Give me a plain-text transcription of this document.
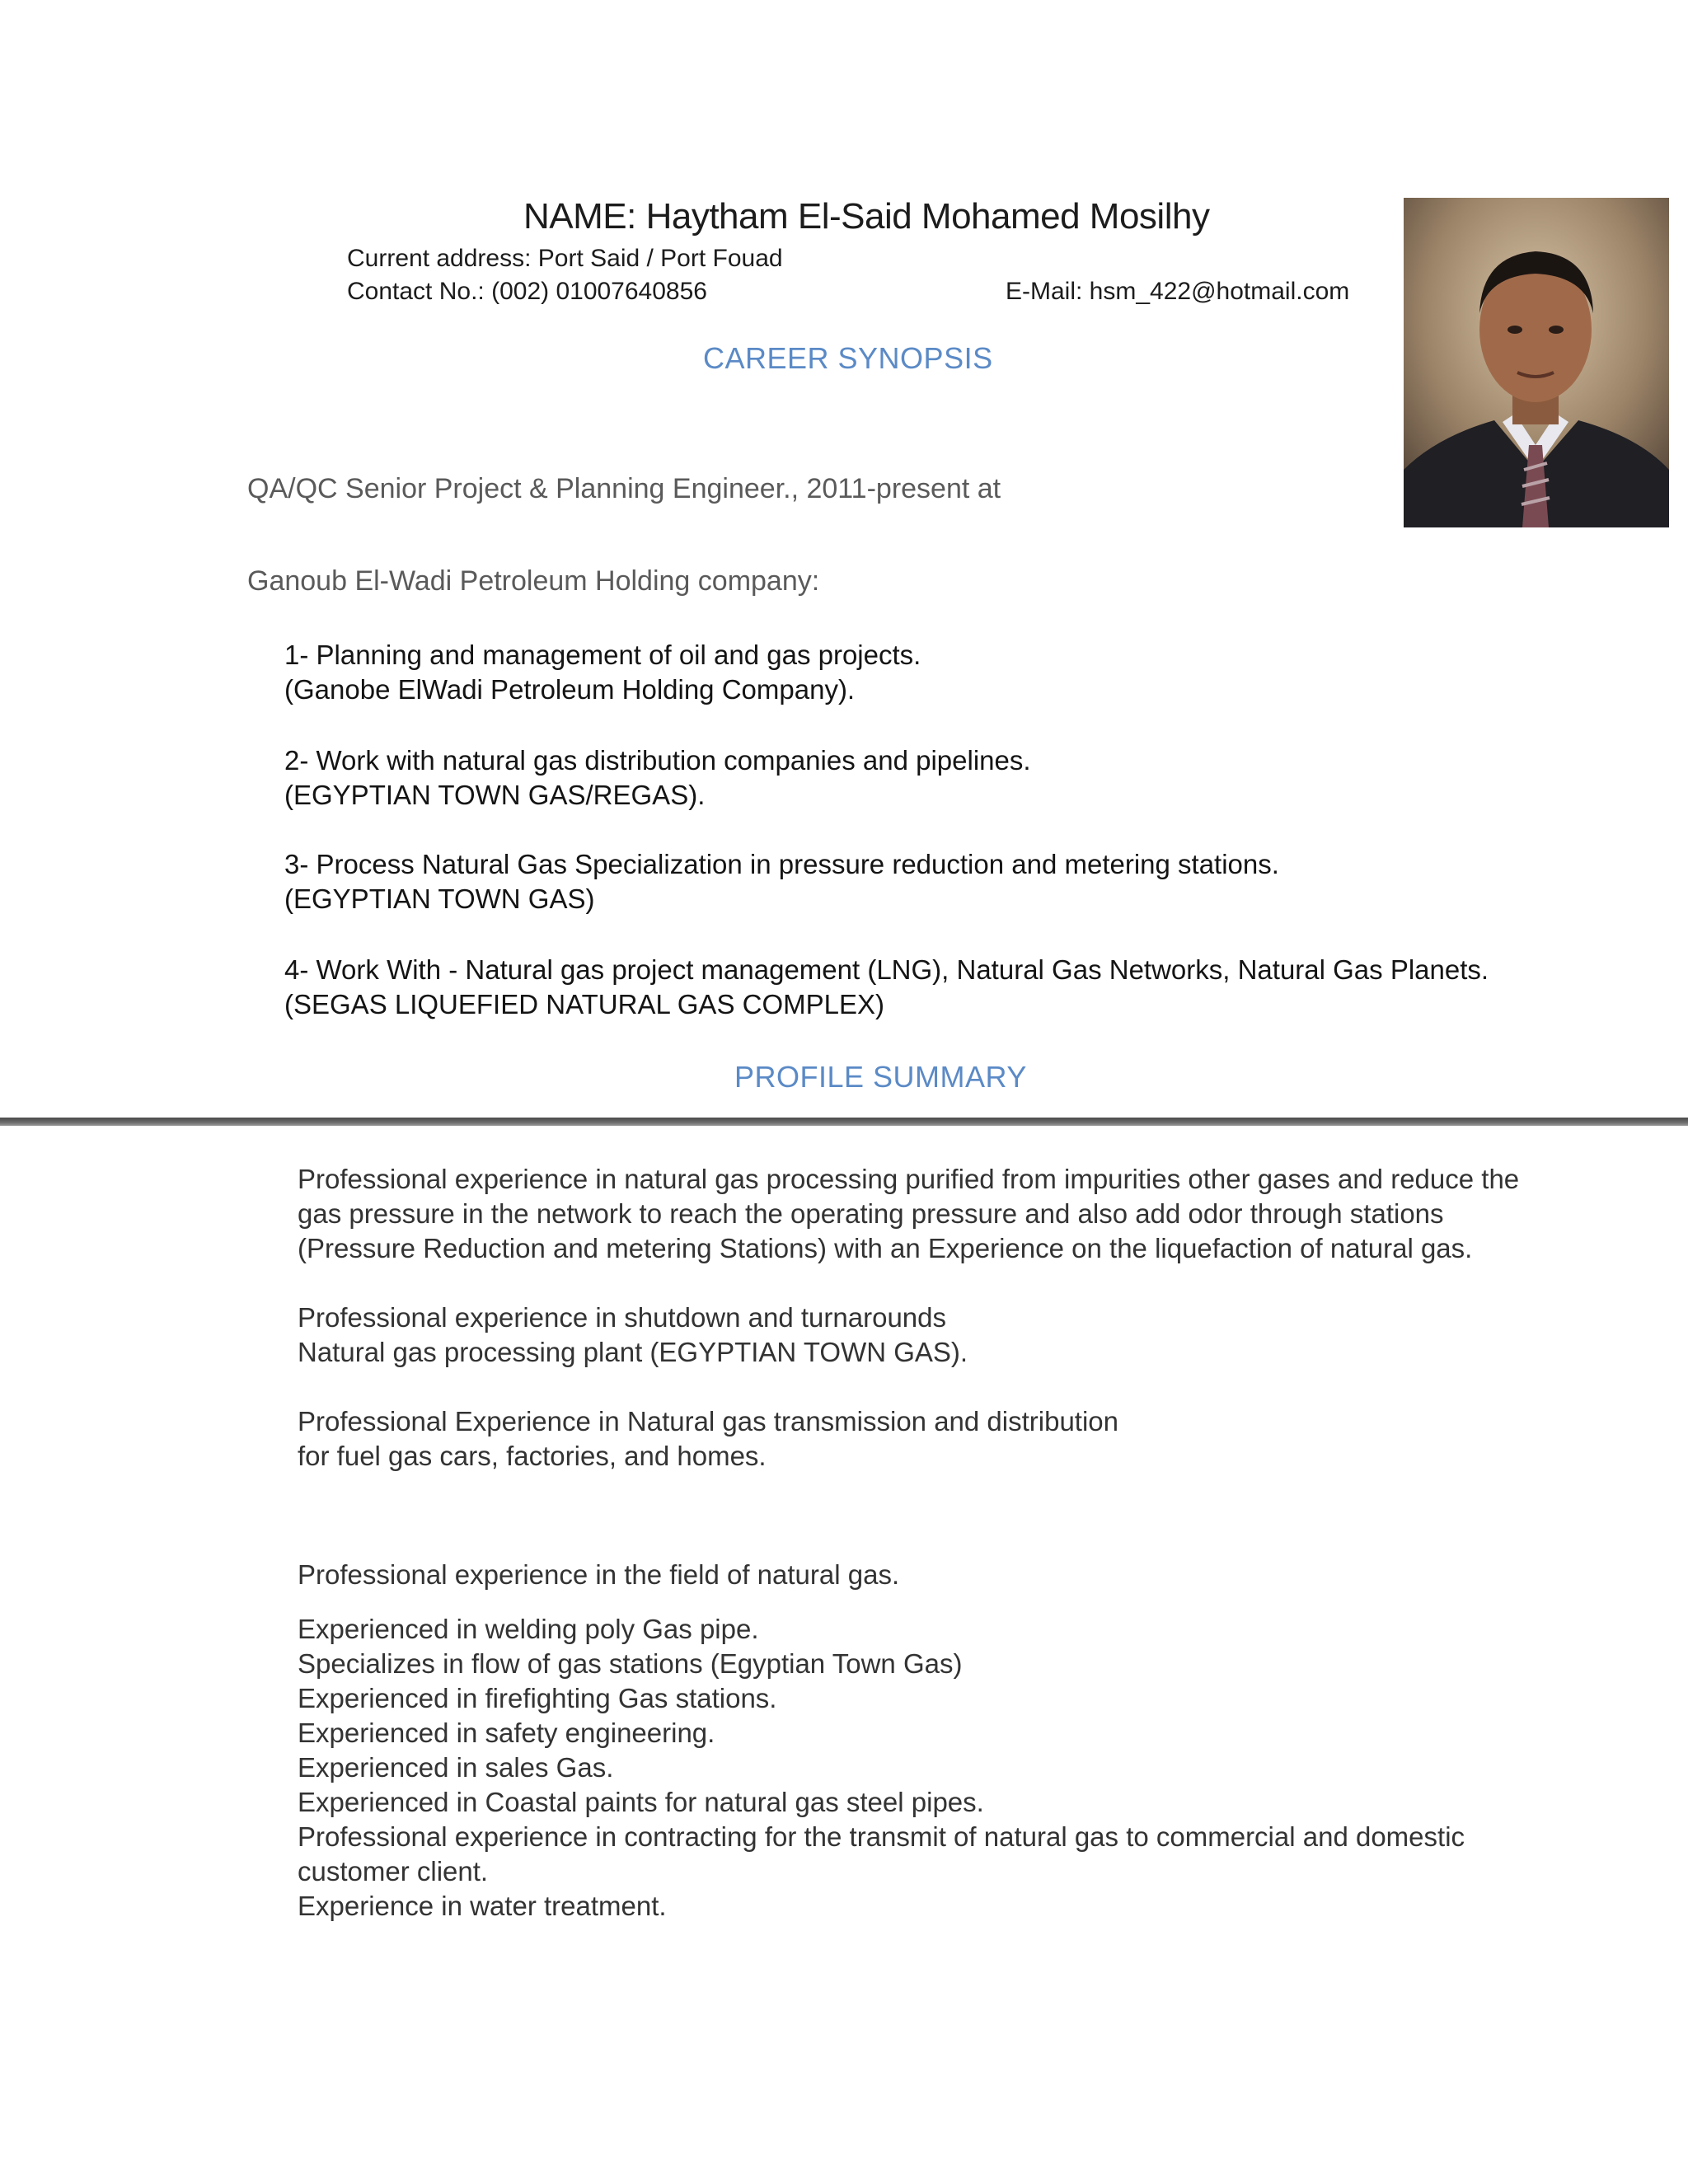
NAME: Haytham El-Said Mohamed Mosilhy
Current address: Port Said / Port Fouad
Contact No.: (002) 01007640856	E-Mail: hsm_422@hotmail.com
CAREER SYNOPSIS
QA/QC Senior Project & Planning Engineer., 2011-present at
Ganoub El-Wadi Petroleum Holding company:
1- Planning and management of oil and gas projects.
(Ganobe ElWadi Petroleum Holding Company).
2- Work with natural gas distribution companies and pipelines.
(EGYPTIAN TOWN GAS/REGAS).
3- Process Natural Gas Specialization in pressure reduction and metering stations.
(EGYPTIAN TOWN GAS)
4- Work With - Natural gas project management (LNG), Natural Gas Networks, Natural Gas Planets.
(SEGAS LIQUEFIED NATURAL GAS COMPLEX)
PROFILE SUMMARY
Professional experience in natural gas processing purified from impurities other gases and reduce the
gas pressure in the network to reach the operating pressure and also add odor through stations
(Pressure Reduction and metering Stations) with an Experience on the liquefaction of natural gas.
Professional experience in shutdown and turnarounds
Natural gas processing plant (EGYPTIAN TOWN GAS).
Professional Experience in Natural gas transmission and distribution
for fuel gas cars, factories, and homes.
Professional experience in the field of natural gas.
Experienced in welding poly Gas pipe.
Specializes in flow of gas stations (Egyptian Town Gas)
Experienced in firefighting Gas stations.
Experienced in safety engineering.
Experienced in sales Gas.
Experienced in Coastal paints for natural gas steel pipes.
Professional experience in contracting for the transmit of natural gas to commercial and domestic
customer client.
Experience in water treatment.
